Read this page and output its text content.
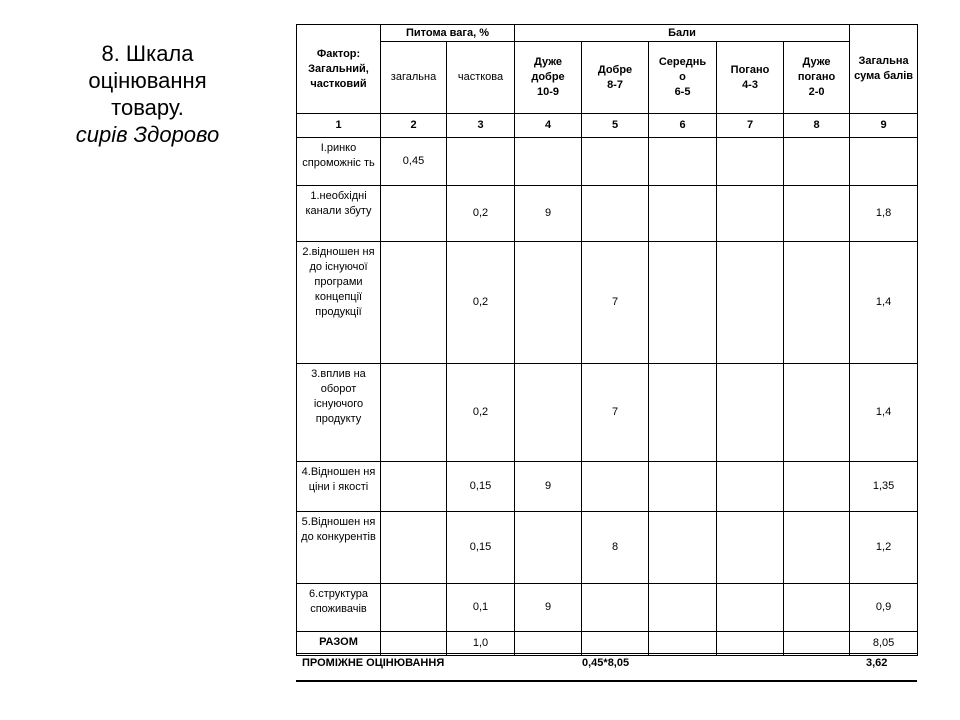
8. Шкала
оцінювання
товару.
сирів Здорово
Фактор: Загальний, частковий	Питома вага, %		Бали					Загальна сума балів
	загальна	часткова	Дуже
добре
10-9	Добре
8-7	Середнь
о
6-5	Погано
4-3	Дуже
погано
2-0	
1	2	3	4	5	6	7	8	9
І.ринко спроможніс ть	0,45							
1.необхідні канали збуту		0,2	9					1,8
2.відношен ня до існуючої програми концепції продукції		0,2		7				1,4
3.вплив на оборот існуючого продукту		0,2		7				1,4
4.Відношен ня ціни і якості		0,15	9					1,35
5.Відношен ня до конкурентів		0,15		8				1,2
6.структура споживачів		0,1	9					0,9
РАЗОМ		1,0						8,05
ПРОМІЖНЕ ОЦІНЮВАННЯ	0,45*8,05	3,62
